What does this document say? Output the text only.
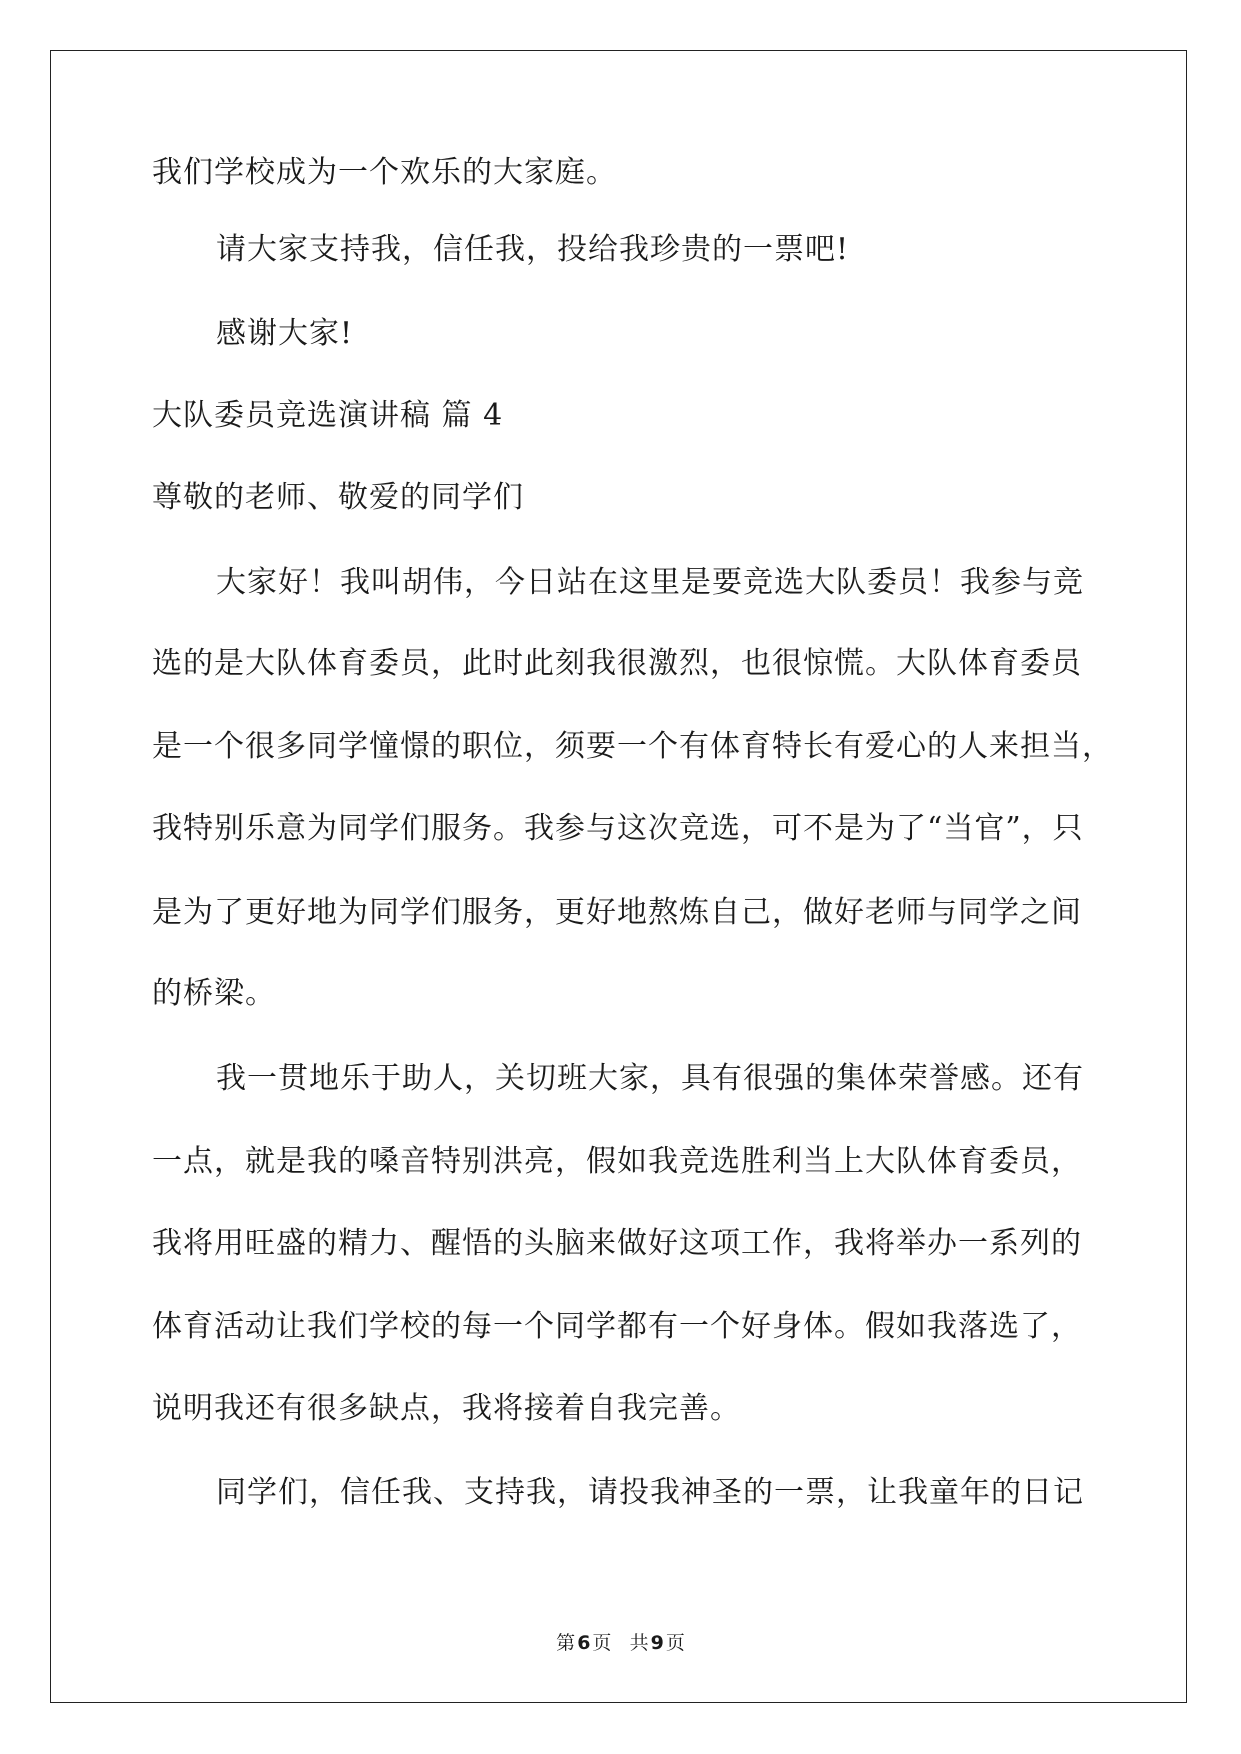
我们学校成为一个欢乐的大家庭。
请大家支持我，信任我，投给我珍贵的一票吧!
感谢大家!
大队委员竞选演讲稿 篇 4
尊敬的老师、敬爱的同学们
大家好！我叫胡伟，今日站在这里是要竞选大队委员！我参与竞
选的是大队体育委员，此时此刻我很激烈，也很惊慌。大队体育委员
是一个很多同学憧憬的职位，须要一个有体育特长有爱心的人来担当，
我特别乐意为同学们服务。我参与这次竞选，可不是为了“当官”，只
是为了更好地为同学们服务，更好地熬炼自己，做好老师与同学之间
的桥梁。
我一贯地乐于助人，关切班大家，具有很强的集体荣誉感。还有
一点，就是我的嗓音特别洪亮，假如我竞选胜利当上大队体育委员，
我将用旺盛的精力、醒悟的头脑来做好这项工作，我将举办一系列的
体育活动让我们学校的每一个同学都有一个好身体。假如我落选了，
说明我还有很多缺点，我将接着自我完善。
同学们，信任我、支持我，请投我神圣的一票，让我童年的日记
第 6 页 共 9 页
